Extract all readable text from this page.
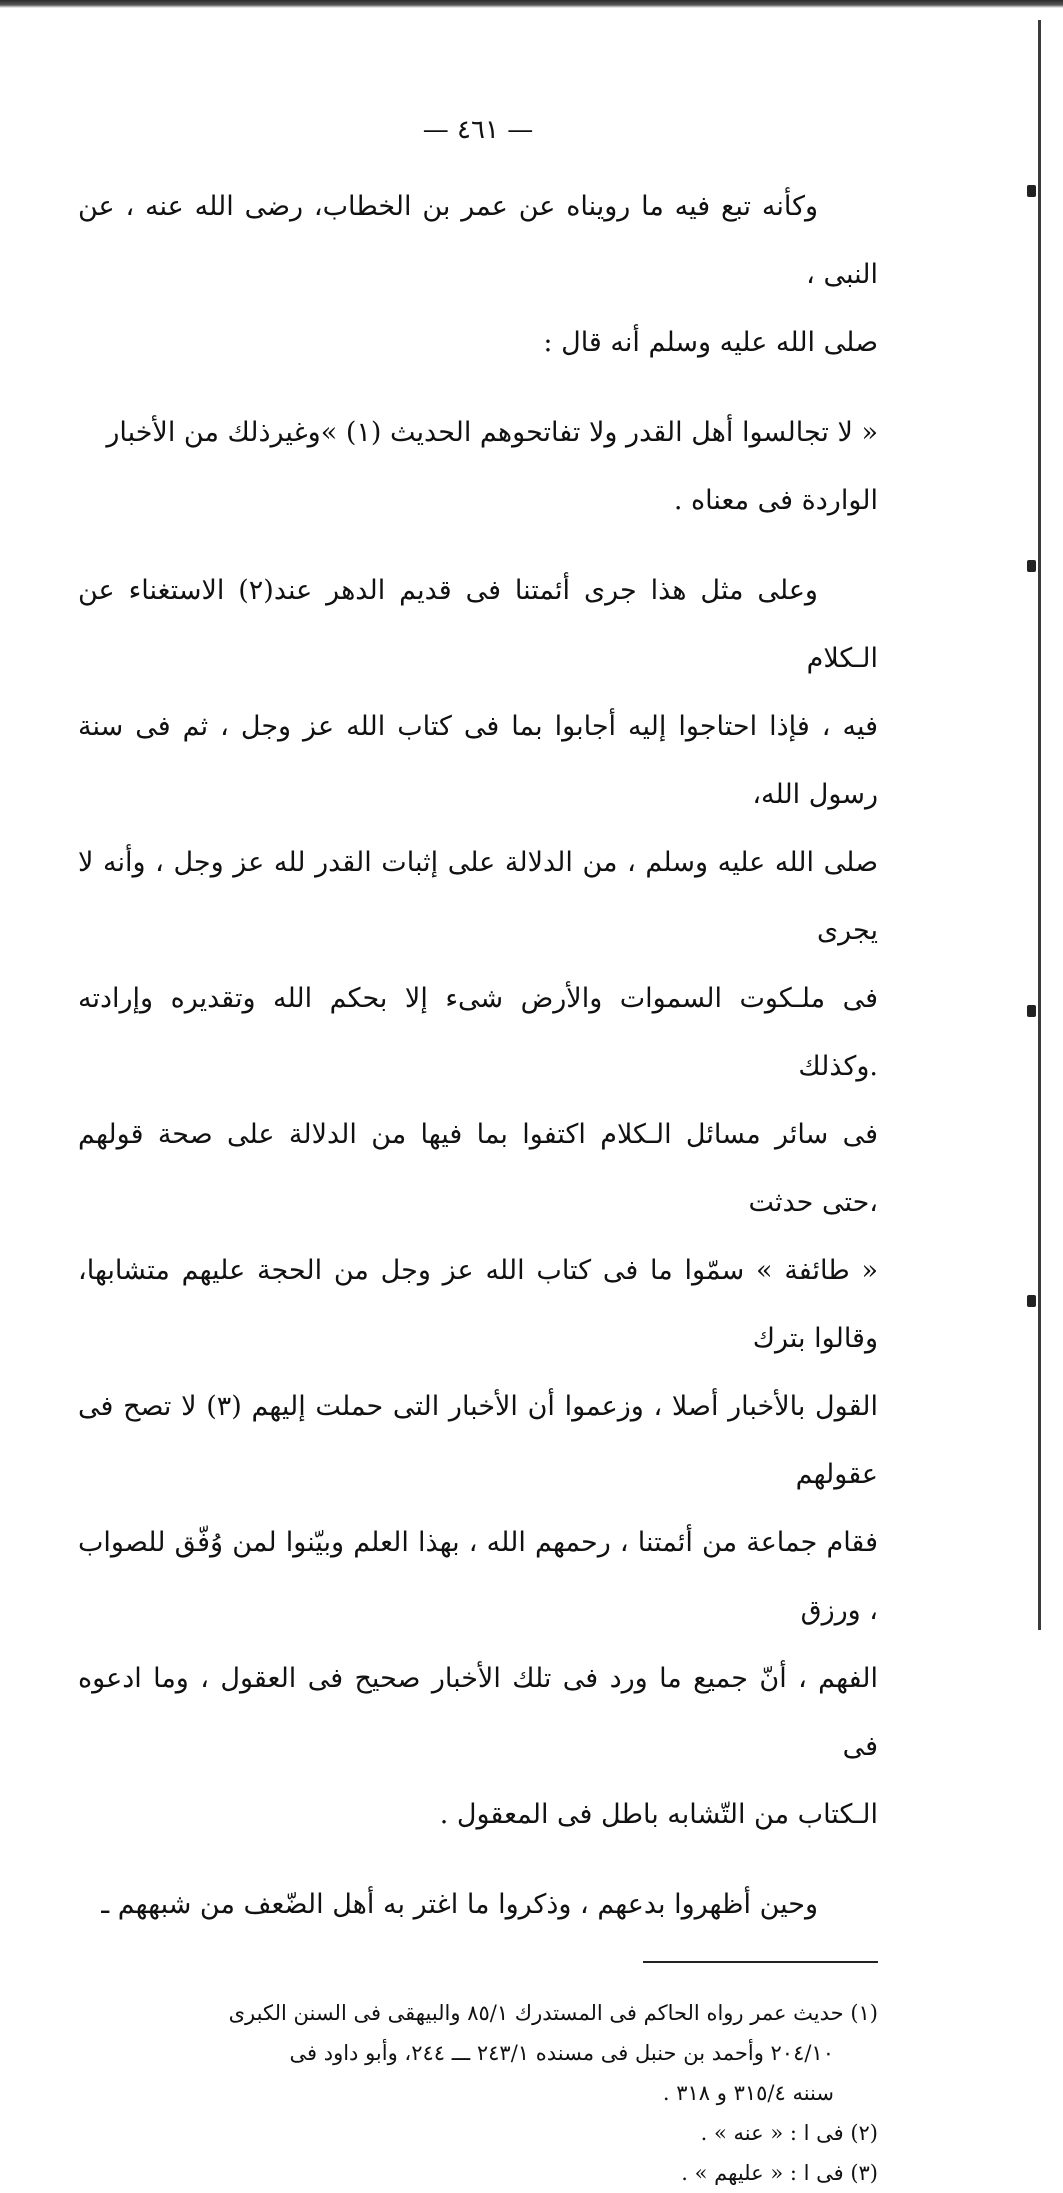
— ٤٦١ —

وكأنه تبع فيه ما رويناه عن عمر بن الخطاب، رضى الله عنه ، عن النبى ،

صلى الله عليه وسلم أنه قال :

« لا تجالسوا أهل القدر ولا تفاتحوهم الحديث (١) »وغيرذلك من الأخبار

الواردة فى معناه .

وعلى مثل هذا جرى أئمتنا فى قديم الدهر عند(٢) الاستغناء عن الـكلام

فيه ، فإذا احتاجوا إليه أجابوا بما فى كتاب الله عز وجل ، ثم فى سنة رسول الله،

صلى الله عليه وسلم ، من الدلالة على إثبات القدر لله عز وجل ، وأنه لا يجرى

فى ملـكوت السموات والأرض شىء إلا بحكم الله وتقديره وإرادته .وكذلك

فى سائر مسائل الـكلام اكتفوا بما فيها من الدلالة على صحة قولهم ،حتى حدثت

« طائفة » سمّوا ما فى كتاب الله عز وجل من الحجة عليهم متشابها، وقالوا بترك

القول بالأخبار أصلا ، وزعموا أن الأخبار التى حملت إليهم (٣) لا تصح فى عقولهم

فقام جماعة من أئمتنا ، رحمهم الله ، بهذا العلم وبيّنوا لمن وُفّق للصواب ، ورزق

الفهم ، أنّ جميع ما ورد فى تلك الأخبار صحيح فى العقول ، وما ادعوه فى

الـكتاب من التّشابه باطل فى المعقول .

وحين أظهروا بدعهم ، وذكروا ما اغتر به أهل الضّعف من شبههم ـ

(١) حديث عمر رواه الحاكم فى المستدرك ٨٥/١ والبيهقى فى السنن الكبرى

٢٠٤/١٠ وأحمد بن حنبل فى مسنده ٢٤٣/١ ـــ ٢٤٤، وأبو داود فى

سننه ٣١٥/٤ و ٣١٨ .

(٢) فى ا : « عنه » .

(٣) فى ا : « عليهم » .
